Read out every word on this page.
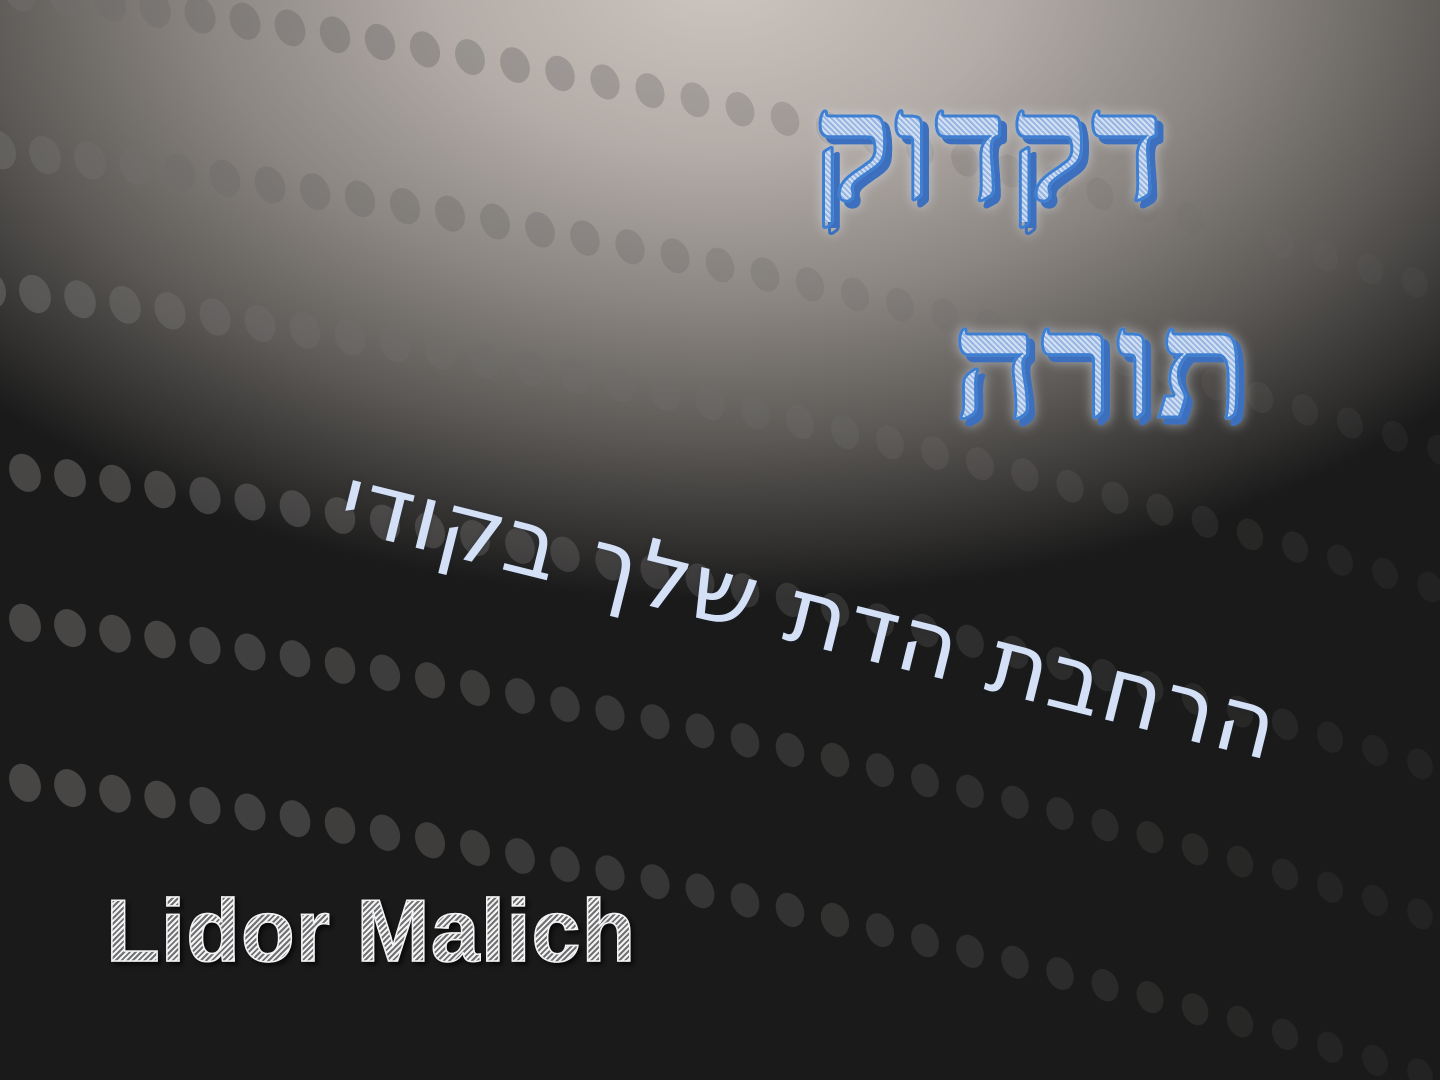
דקדוק
תורה
הרחבת הדת שלך בקודי
Lidor Malich
